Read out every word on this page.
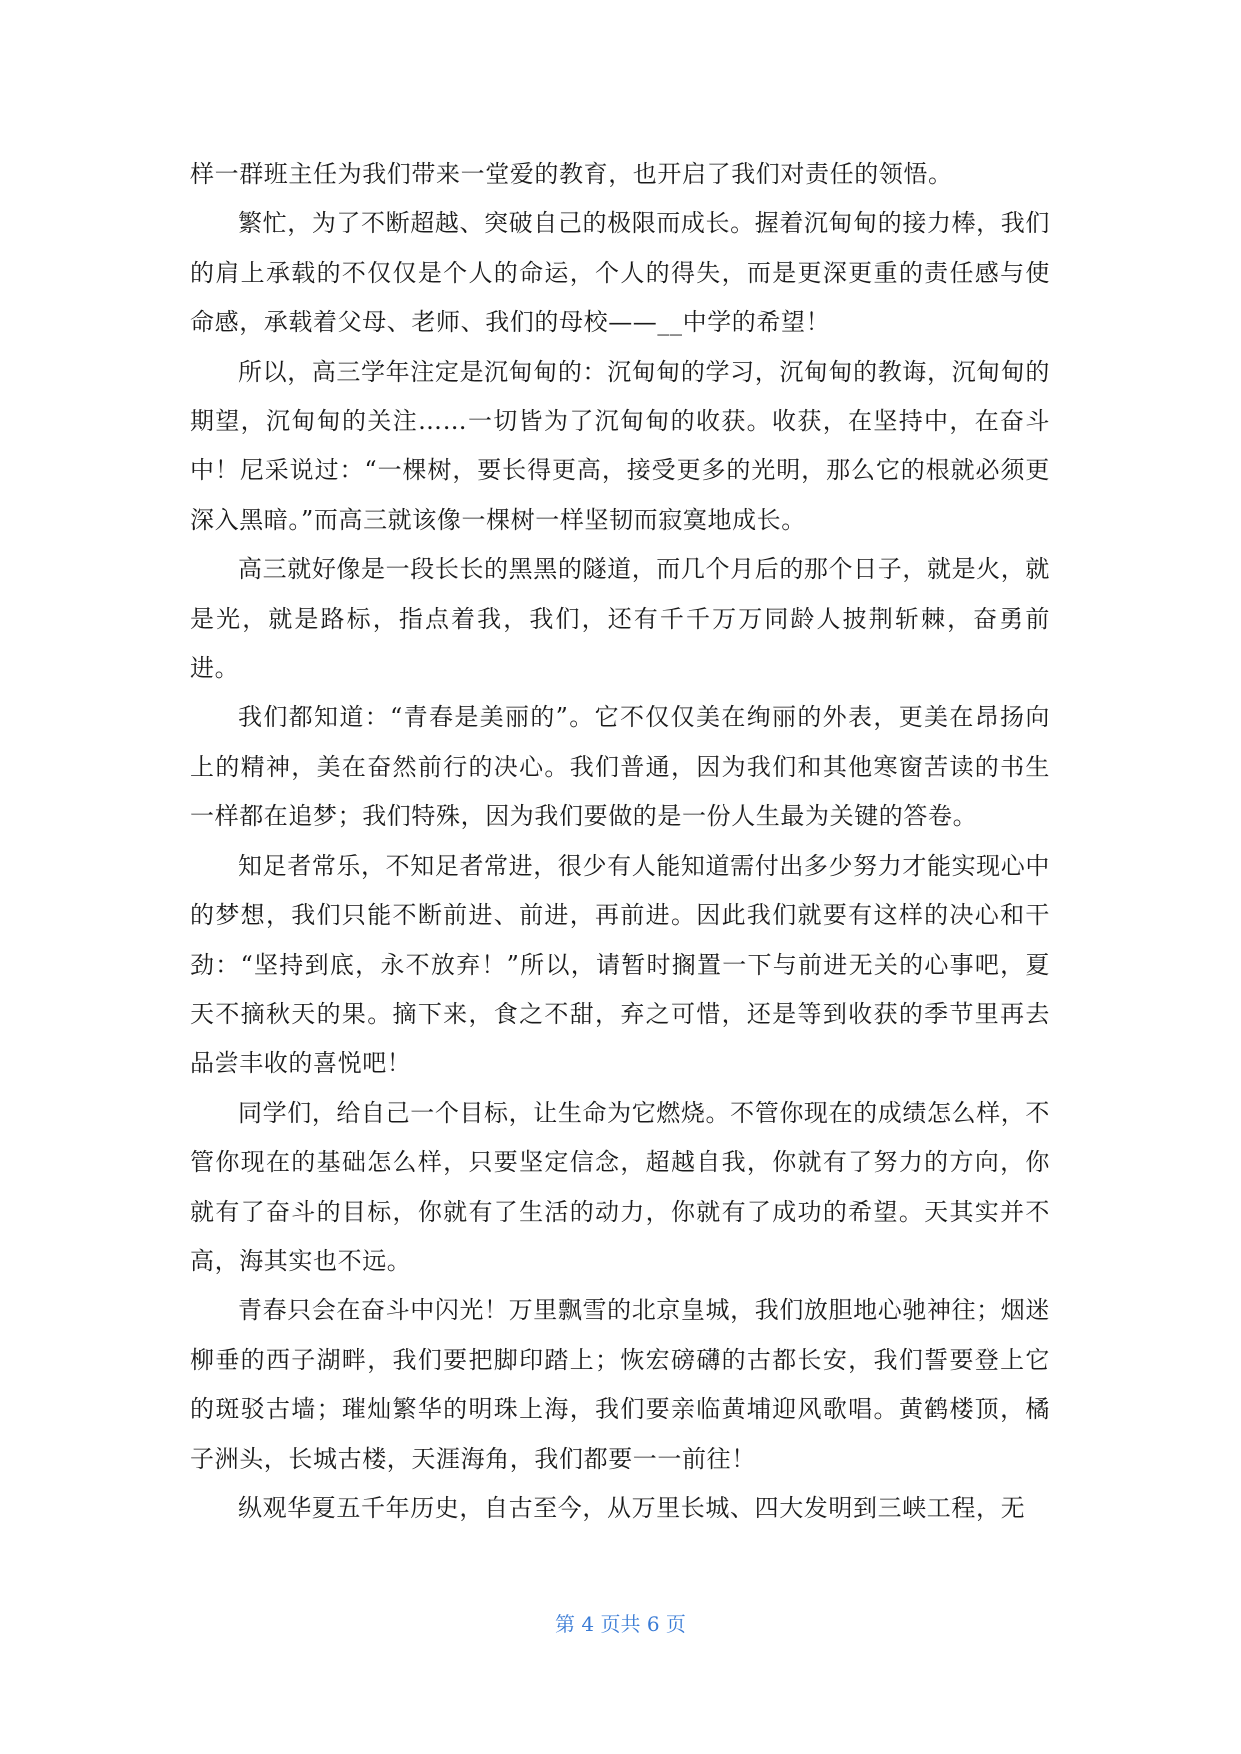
样一群班主任为我们带来一堂爱的教育，也开启了我们对责任的领悟。

繁忙，为了不断超越、突破自己的极限而成长。握着沉甸甸的接力棒，我们的肩上承载的不仅仅是个人的命运，个人的得失，而是更深更重的责任感与使命感，承载着父母、老师、我们的母校——__中学的希望！

所以，高三学年注定是沉甸甸的：沉甸甸的学习，沉甸甸的教诲，沉甸甸的期望，沉甸甸的关注……一切皆为了沉甸甸的收获。收获，在坚持中，在奋斗中！尼采说过：“一棵树，要长得更高，接受更多的光明，那么它的根就必须更深入黑暗。”而高三就该像一棵树一样坚韧而寂寞地成长。

高三就好像是一段长长的黑黑的隧道，而几个月后的那个日子，就是火，就是光，就是路标，指点着我，我们，还有千千万万同龄人披荆斩棘，奋勇前进。

我们都知道：“青春是美丽的”。它不仅仅美在绚丽的外表，更美在昂扬向上的精神，美在奋然前行的决心。我们普通，因为我们和其他寒窗苦读的书生一样都在追梦；我们特殊，因为我们要做的是一份人生最为关键的答卷。

知足者常乐，不知足者常进，很少有人能知道需付出多少努力才能实现心中的梦想，我们只能不断前进、前进，再前进。因此我们就要有这样的决心和干劲：“坚持到底，永不放弃！”所以，请暂时搁置一下与前进无关的心事吧，夏天不摘秋天的果。摘下来，食之不甜，弃之可惜，还是等到收获的季节里再去品尝丰收的喜悦吧！

同学们，给自己一个目标，让生命为它燃烧。不管你现在的成绩怎么样，不管你现在的基础怎么样，只要坚定信念，超越自我，你就有了努力的方向，你就有了奋斗的目标，你就有了生活的动力，你就有了成功的希望。天其实并不高，海其实也不远。

青春只会在奋斗中闪光！万里飘雪的北京皇城，我们放胆地心驰神往；烟迷柳垂的西子湖畔，我们要把脚印踏上；恢宏磅礴的古都长安，我们誓要登上它的斑驳古墙；璀灿繁华的明珠上海，我们要亲临黄埔迎风歌唱。黄鹤楼顶，橘子洲头，长城古楼，天涯海角，我们都要一一前往！

纵观华夏五千年历史，自古至今，从万里长城、四大发明到三峡工程，无

第 4 页共 6 页
